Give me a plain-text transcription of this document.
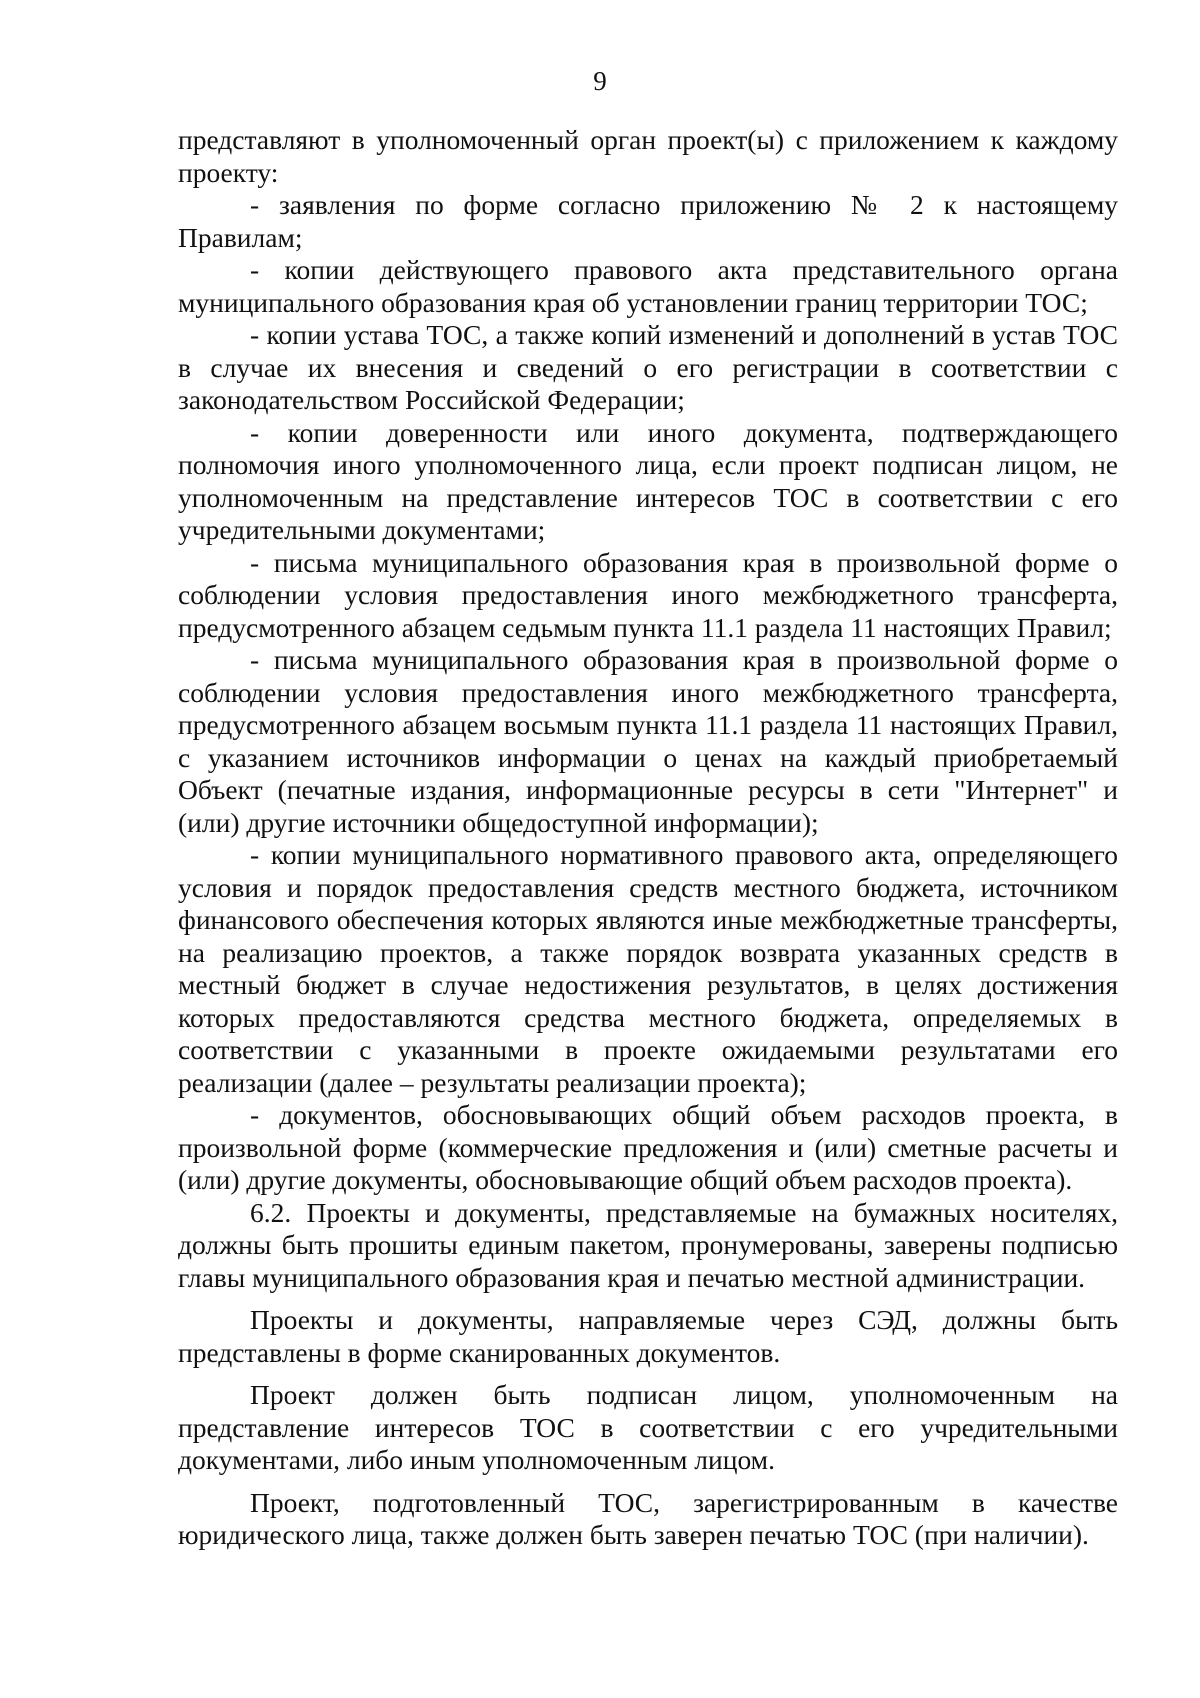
9

представляют в уполномоченный орган проект(ы) с приложением к каждому проекту:

- заявления по форме согласно приложению № 2 к настоящему Правилам;

- копии действующего правового акта представительного органа муниципального образования края об установлении границ территории ТОС;

- копии устава ТОС, а также копий изменений и дополнений в устав ТОС в случае их внесения и сведений о его регистрации в соответствии с законодательством Российской Федерации;

- копии доверенности или иного документа, подтверждающего полномочия иного уполномоченного лица, если проект подписан лицом, не уполномоченным на представление интересов ТОС в соответствии с его учредительными документами;

- письма муниципального образования края в произвольной форме о соблюдении условия предоставления иного межбюджетного трансферта, предусмотренного абзацем седьмым пункта 11.1 раздела 11 настоящих Правил;

- письма муниципального образования края в произвольной форме о соблюдении условия предоставления иного межбюджетного трансферта, предусмотренного абзацем восьмым пункта 11.1 раздела 11 настоящих Правил, с указанием источников информации о ценах на каждый приобретаемый Объект (печатные издания, информационные ресурсы в сети "Интернет" и (или) другие источники общедоступной информации);

- копии муниципального нормативного правового акта, определяющего условия и порядок предоставления средств местного бюджета, источником финансового обеспечения которых являются иные межбюджетные трансферты, на реализацию проектов, а также порядок возврата указанных средств в местный бюджет в случае недостижения результатов, в целях достижения которых предоставляются средства местного бюджета, определяемых в соответствии с указанными в проекте ожидаемыми результатами его реализации (далее – результаты реализации проекта);

- документов, обосновывающих общий объем расходов проекта, в произвольной форме (коммерческие предложения и (или) сметные расчеты и (или) другие документы, обосновывающие общий объем расходов проекта).

6.2. Проекты и документы, представляемые на бумажных носителях, должны быть прошиты единым пакетом, пронумерованы, заверены подписью главы муниципального образования края и печатью местной администрации.

Проекты и документы, направляемые через СЭД, должны быть представлены в форме сканированных документов.

Проект должен быть подписан лицом, уполномоченным на представление интересов ТОС в соответствии с его учредительными документами, либо иным уполномоченным лицом.

Проект, подготовленный ТОС, зарегистрированным в качестве юридического лица, также должен быть заверен печатью ТОС (при наличии).
